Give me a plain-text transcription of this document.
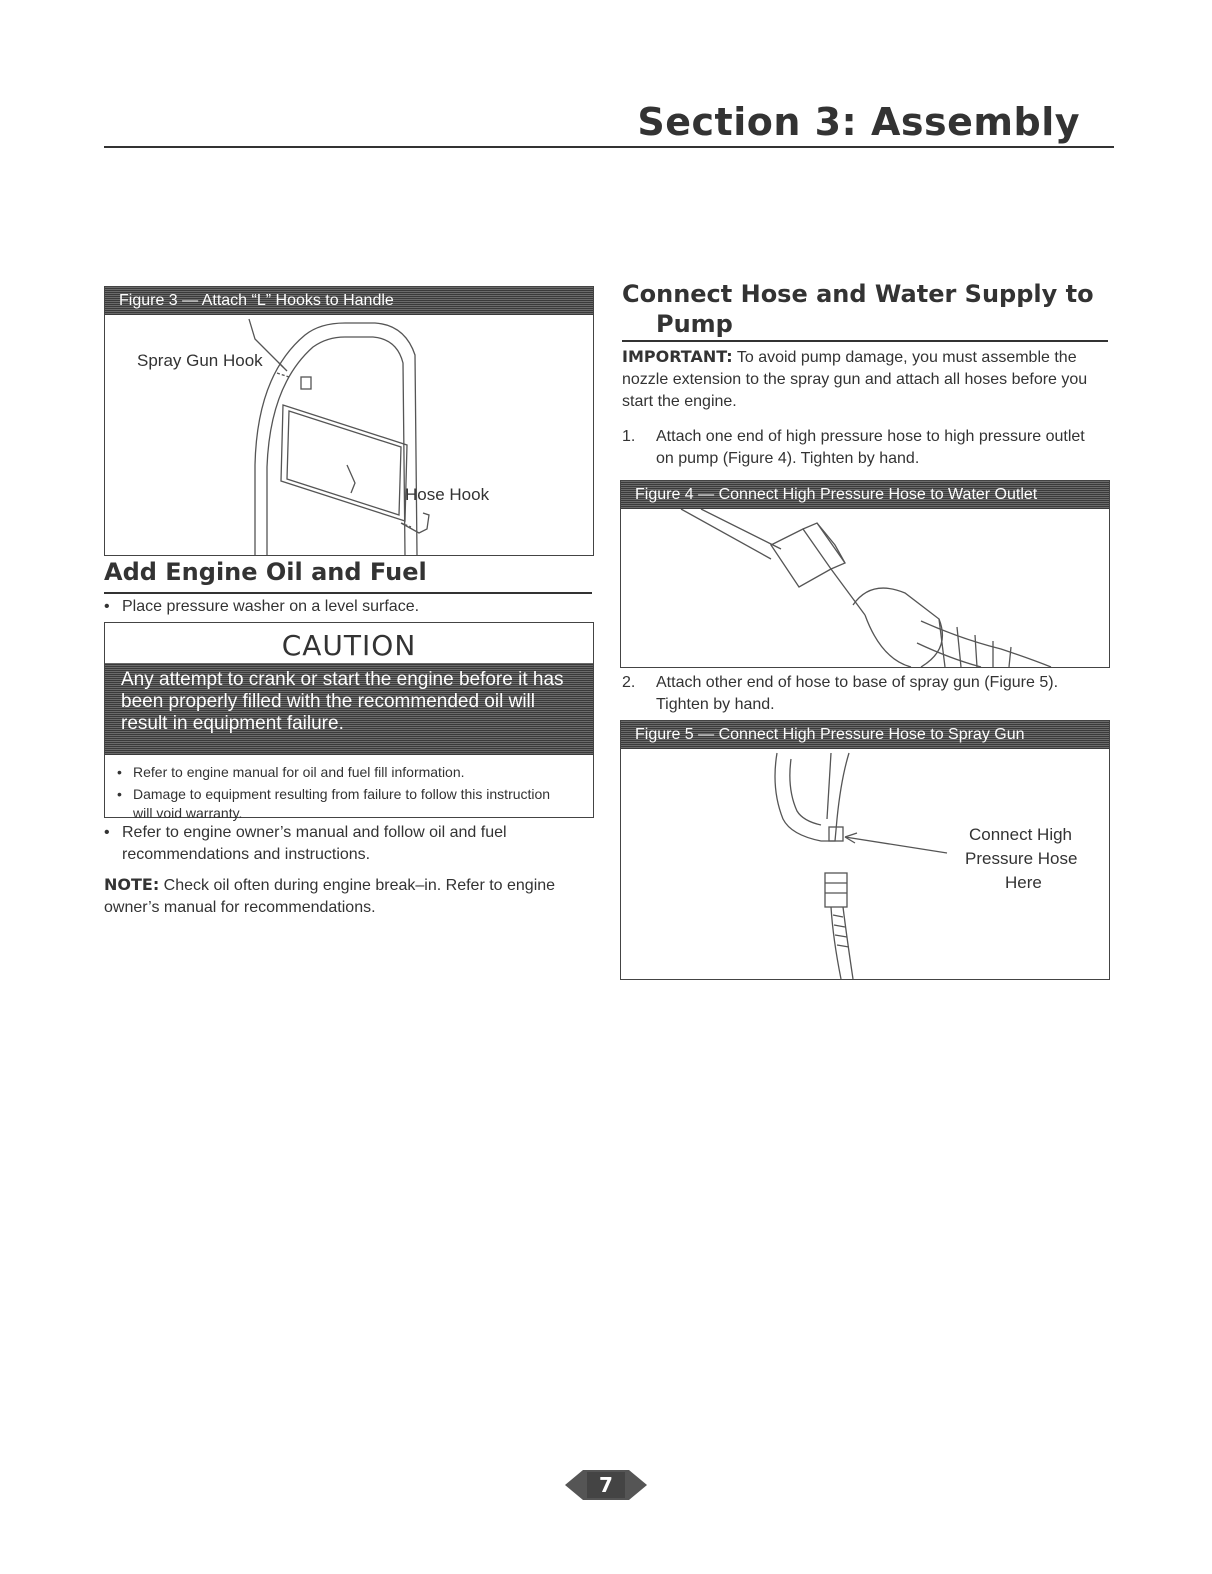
Section 3: Assembly
Figure 3 — Attach “L” Hooks to Handle
Spray Gun Hook
Hose Hook
Add Engine Oil and Fuel
• Place pressure washer on a level surface.

CAUTION
Any attempt to crank or start the engine before it has been properly filled with the recommended oil will result in equipment failure.
• Refer to engine manual for oil and fuel fill information.
• Damage to equipment resulting from failure to follow this instruction will void warranty.
• Refer to engine owner’s manual and follow oil and fuel recommendations and instructions.

NOTE: Check oil often during engine break–in. Refer to engine owner’s manual for recommendations.

Connect Hose and Water Supply to
Pump

IMPORTANT: To avoid pump damage, you must assemble the nozzle extension to the spray gun and attach all hoses before you start the engine.

1. Attach one end of high pressure hose to high pressure outlet on pump (Figure 4). Tighten by hand.

Figure 4 — Connect High Pressure Hose to Water Outlet
2. Attach other end of hose to base of spray gun (Figure 5). Tighten by hand.

Figure 5 — Connect High Pressure Hose to Spray Gun
Connect High
Pressure Hose
Here
7
